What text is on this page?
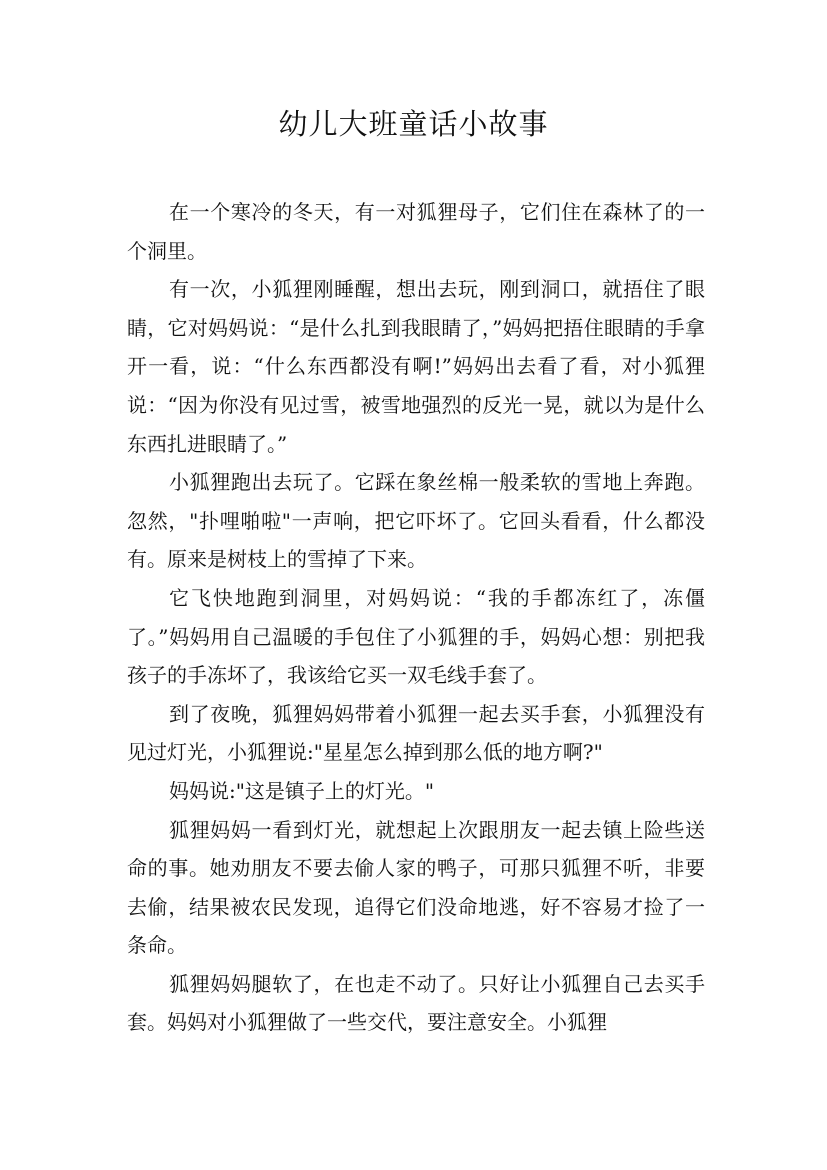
幼儿大班童话小故事

在一个寒冷的冬天，有一对狐狸母子，它们住在森林了的一个洞里。

有一次，小狐狸刚睡醒，想出去玩，刚到洞口，就捂住了眼睛，它对妈妈说：“是什么扎到我眼睛了，”妈妈把捂住眼睛的手拿开一看，说：“什么东西都没有啊!”妈妈出去看了看，对小狐狸说：“因为你没有见过雪，被雪地强烈的反光一晃，就以为是什么东西扎进眼睛了。”

小狐狸跑出去玩了。它踩在象丝棉一般柔软的雪地上奔跑。忽然，"扑哩啪啦"一声响，把它吓坏了。它回头看看，什么都没有。原来是树枝上的雪掉了下来。

它飞快地跑到洞里，对妈妈说：“我的手都冻红了，冻僵了。”妈妈用自己温暖的手包住了小狐狸的手，妈妈心想：别把我孩子的手冻坏了，我该给它买一双毛线手套了。

到了夜晚，狐狸妈妈带着小狐狸一起去买手套，小狐狸没有见过灯光，小狐狸说:"星星怎么掉到那么低的地方啊?"

妈妈说:"这是镇子上的灯光。"

狐狸妈妈一看到灯光，就想起上次跟朋友一起去镇上险些送命的事。她劝朋友不要去偷人家的鸭子，可那只狐狸不听，非要去偷，结果被农民发现，追得它们没命地逃，好不容易才捡了一条命。

狐狸妈妈腿软了，在也走不动了。只好让小狐狸自己去买手套。妈妈对小狐狸做了一些交代，要注意安全。小狐狸
